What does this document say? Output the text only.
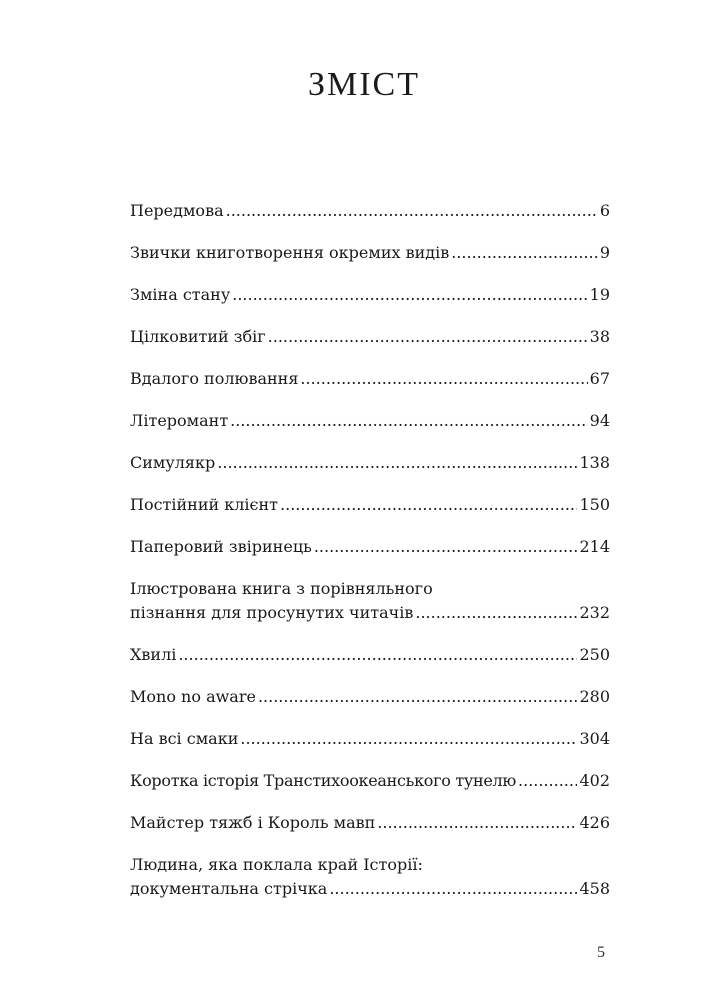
ЗМІСТ
Передмова .....	6
Звички книготворення окремих видів .....	9
Зміна стану .....	19
Цілковитий збіг .....	38
Вдалого полювання .....	67
Літеромант .....	94
Симулякр .....	138
Постійний клієнт .....	150
Паперовий звіринець .....	214
Ілюстрована книга з порівняльного
пізнання для просунутих читачів .....	232
Хвилі .....	250
Mono no aware .....	280
На всі смаки .....	304
Коротка історія Транстихоокеанського тунелю .....	402
Майстер тяжб і Король мавп .....	426
Людина, яка поклала край Історії:
документальна стрічка .....	458
5
